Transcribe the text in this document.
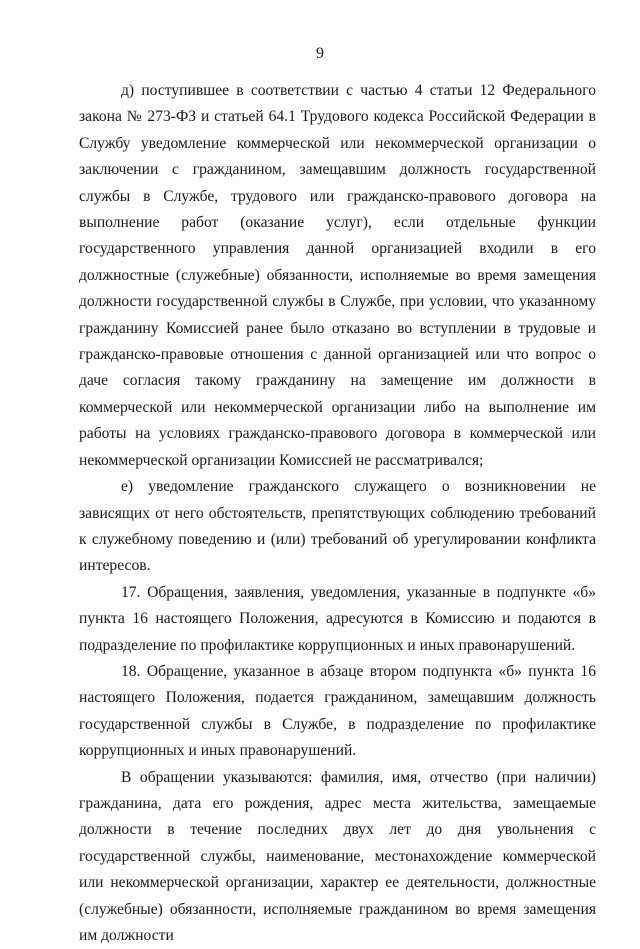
9

д) поступившее в соответствии с частью 4 статьи 12 Федерального закона № 273-ФЗ и статьей 64.1 Трудового кодекса Российской Федерации в Службу уведомление коммерческой или некоммерческой организации о заключении с гражданином, замещавшим должность государственной службы в Службе, трудового или гражданско-правового договора на выполнение работ (оказание услуг), если отдельные функции государственного управления данной организацией входили в его должностные (служебные) обязанности, исполняемые во время замещения должности государственной службы в Службе, при условии, что указанному гражданину Комиссией ранее было отказано во вступлении в трудовые и гражданско-правовые отношения с данной организацией или что вопрос о даче согласия такому гражданину на замещение им должности в коммерческой или некоммерческой организации либо на выполнение им работы на условиях гражданско-правового договора в коммерческой или некоммерческой организации Комиссией не рассматривался;

е) уведомление гражданского служащего о возникновении не зависящих от него обстоятельств, препятствующих соблюдению требований к служебному поведению и (или) требований об урегулировании конфликта интересов.

17. Обращения, заявления, уведомления, указанные в подпункте «б» пункта 16 настоящего Положения, адресуются в Комиссию и подаются в подразделение по профилактике коррупционных и иных правонарушений.

18. Обращение, указанное в абзаце втором подпункта «б» пункта 16 настоящего Положения, подается гражданином, замещавшим должность государственной службы в Службе, в подразделение по профилактике коррупционных и иных правонарушений.

В обращении указываются: фамилия, имя, отчество (при наличии) гражданина, дата его рождения, адрес места жительства, замещаемые должности в течение последних двух лет до дня увольнения с государственной службы, наименование, местонахождение коммерческой или некоммерческой организации, характер ее деятельности, должностные (служебные) обязанности, исполняемые гражданином во время замещения им должности
